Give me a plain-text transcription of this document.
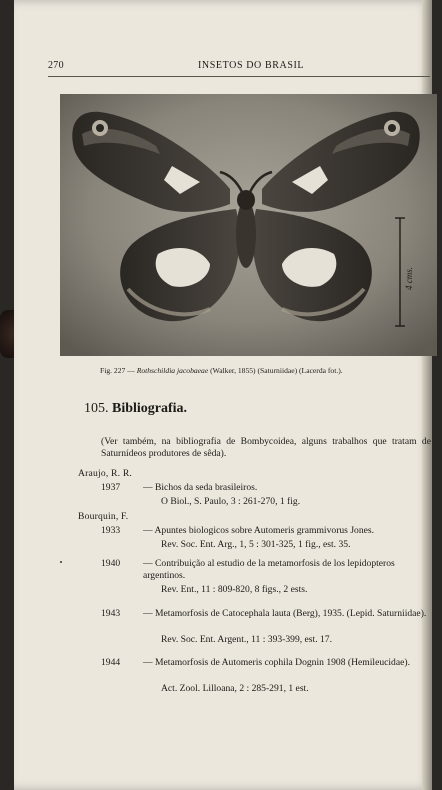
270	INSETOS DO BRASIL
4 cms.
Fig. 227 — Rothschildia jacobaeae (Walker, 1855) (Saturniidae) (Lacerda fot.).
105. Bibliografia.
(Ver também, na bibliografia de Bombycoidea, alguns trabalhos que tratam de Saturnídeos produtores de sêda).
Araujo, R. R.
1937 — Bichos da seda brasileiros.
O Biol., S. Paulo, 3 : 261-270, 1 fig.
Bourquin, F.
1933 — Apuntes biologicos sobre Automeris grammivorus Jones.
Rev. Soc. Ent. Arg., 1, 5 : 301-325, 1 fig., est. 35.
1940 — Contribuição al estudio de la metamorfosis de los lepidopteros argentinos.
Rev. Ent., 11 : 809-820, 8 figs., 2 ests.
1943 — Metamorfosis de Catocephala lauta (Berg), 1935. (Lepid. Saturniidae).
Rev. Soc. Ent. Argent., 11 : 393-399, est. 17.
1944 — Metamorfosis de Automeris cophila Dognin 1908 (Hemileucidae).
Act. Zool. Lilloana, 2 : 285-291, 1 est.
